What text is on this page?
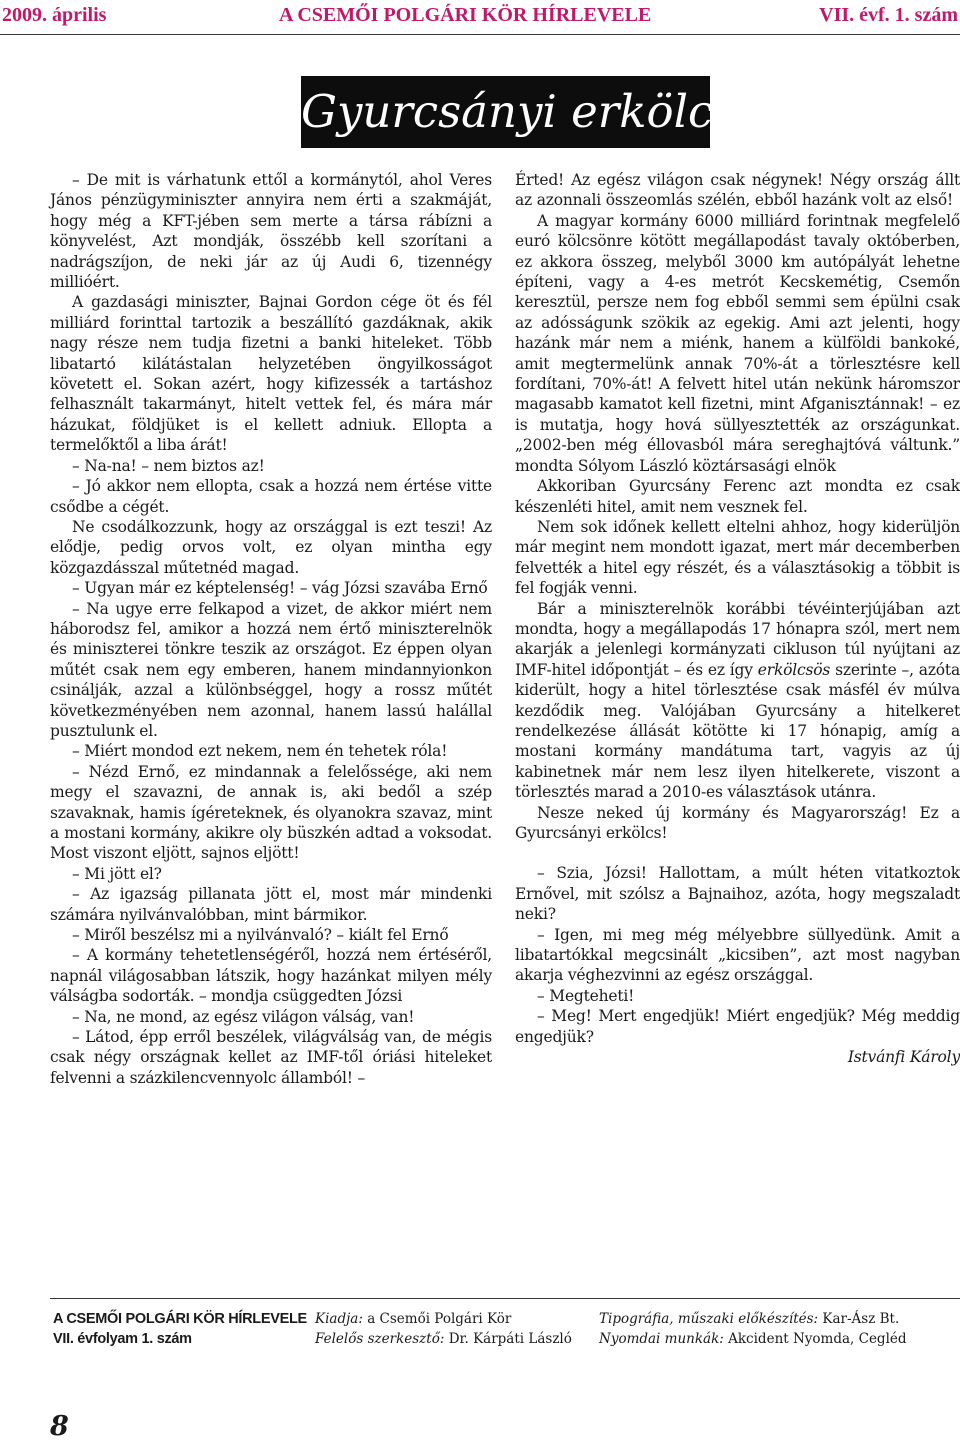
2009. április	A CSEMŐI POLGÁRI KÖR HÍRLEVELE	VII. évf. 1. szám
Gyurcsányi erkölcs!

– De mit is várhatunk ettől a kormánytól, ahol Veres János pénzügyminiszter annyira nem érti a szakmáját, hogy még a KFT-jében sem merte a társa rábízni a könyvelést, Azt mondják, összébb kell szorítani a nadrágszíjon, de neki jár az új Audi 6, tizennégy millióért.

A gazdasági miniszter, Bajnai Gordon cége öt és fél milliárd forinttal tartozik a beszállító gazdáknak, akik nagy része nem tudja fizetni a banki hiteleket. Több libatartó kilátástalan helyzetében öngyilkosságot követett el. Sokan azért, hogy kifizessék a tartáshoz felhasznált takarmányt, hitelt vettek fel, és mára már házukat, földjüket is el kellett adniuk. Ellopta a termelőktől a liba árát!

– Na-na! – nem biztos az!

– Jó akkor nem ellopta, csak a hozzá nem értése vitte csődbe a cégét.

Ne csodálkozzunk, hogy az országgal is ezt teszi! Az elődje, pedig orvos volt, ez olyan mintha egy közgazdásszal műtetnéd magad.

– Ugyan már ez képtelenség! – vág Józsi szavába Ernő

– Na ugye erre felkapod a vizet, de akkor miért nem háborodsz fel, amikor a hozzá nem értő miniszterelnök és miniszterei tönkre teszik az országot. Ez éppen olyan műtét csak nem egy emberen, hanem mindannyionkon csinálják, azzal a különbséggel, hogy a rossz műtét következményében nem azonnal, hanem lassú halállal pusztulunk el.

– Miért mondod ezt nekem, nem én tehetek róla!

– Nézd Ernő, ez mindannak a felelőssége, aki nem megy el szavazni, de annak is, aki bedől a szép szavaknak, hamis ígéreteknek, és olyanokra szavaz, mint a mostani kormány, akikre oly büszkén adtad a voksodat. Most viszont eljött, sajnos eljött!

– Mi jött el?

– Az igazság pillanata jött el, most már mindenki számára nyilvánvalóbban, mint bármikor.

– Miről beszélsz mi a nyilvánvaló? – kiált fel Ernő

– A kormány tehetetlenségéről, hozzá nem értéséről, napnál világosabban látszik, hogy hazánkat milyen mély válságba sodorták. – mondja csüggedten Józsi

– Na, ne mond, az egész világon válság, van!

– Látod, épp erről beszélek, világválság van, de mégis csak négy országnak kellet az IMF-től óriási hiteleket felvenni a százkilencvennyolc államból! –

Érted! Az egész világon csak négynek! Négy ország állt az azonnali összeomlás szélén, ebből hazánk volt az első!

A magyar kormány 6000 milliárd forintnak megfelelő euró kölcsönre kötött megállapodást tavaly októberben, ez akkora összeg, melyből 3000 km autópályát lehetne építeni, vagy a 4-es metrót Kecskemétig, Csemőn keresztül, persze nem fog ebből semmi sem épülni csak az adósságunk szökik az egekig. Ami azt jelenti, hogy hazánk már nem a miénk, hanem a külföldi bankoké, amit megtermelünk annak 70%-át a törlesztésre kell fordítani, 70%-át! A felvett hitel után nekünk háromszor magasabb kamatot kell fizetni, mint Afganisztánnak! – ez is mutatja, hogy hová süllyesztették az országunkat. „2002-ben még éllovasból mára sereghajtóvá váltunk.” mondta Sólyom László köztársasági elnök

Akkoriban Gyurcsány Ferenc azt mondta ez csak készenléti hitel, amit nem vesznek fel.

Nem sok időnek kellett eltelni ahhoz, hogy kiderüljön már megint nem mondott igazat, mert már decemberben felvették a hitel egy részét, és a választásokig a többit is fel fogják venni.

Bár a miniszterelnök korábbi tévéinterjújában azt mondta, hogy a megállapodás 17 hónapra szól, mert nem akarják a jelenlegi kormányzati cikluson túl nyújtani az IMF-hitel időpontját – és ez így erkölcsös szerinte –, azóta kiderült, hogy a hitel törlesztése csak másfél év múlva kezdődik meg. Valójában Gyurcsány a hitelkeret rendelkezése állását kötötte ki 17 hónapig, amíg a mostani kormány mandátuma tart, vagyis az új kabinetnek már nem lesz ilyen hitelkerete, viszont a törlesztés marad a 2010-es választások utánra.

Nesze neked új kormány és Magyarország! Ez a Gyurcsányi erkölcs!

– Szia, Józsi! Hallottam, a múlt héten vitatkoztok Ernővel, mit szólsz a Bajnaihoz, azóta, hogy megszaladt neki?

– Igen, mi meg még mélyebbre süllyedünk. Amit a libatartókkal megcsinált „kicsiben”, azt most nagyban akarja véghezvinni az egész országgal.

– Megteheti!

– Meg! Mert engedjük! Miért engedjük? Még meddig engedjük?

Istvánfi Károly

A CSEMŐI POLGÁRI KÖR HÍRLEVELE
VII. évfolyam 1. szám
Kiadja: a Csemői Polgári Kör
Felelős szerkesztő: Dr. Kárpáti László
Tipográfia, műszaki előkészítés: Kar-Ász Bt.
Nyomdai munkák: Akcident Nyomda, Cegléd
8
